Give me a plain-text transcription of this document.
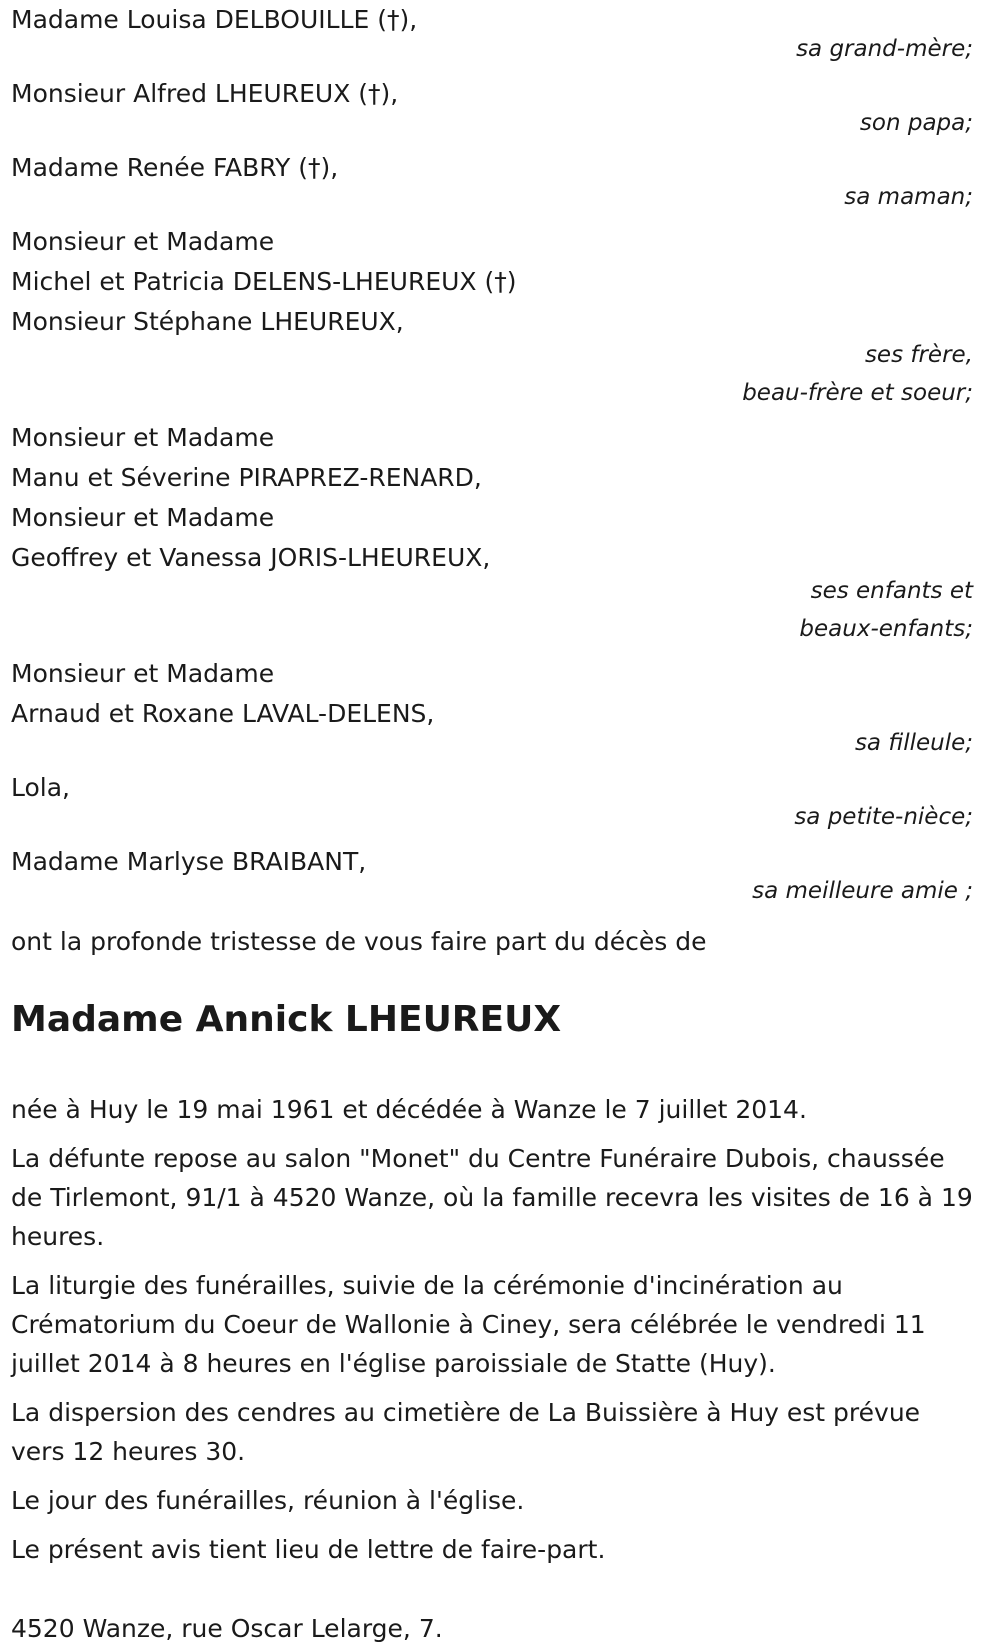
Madame Louisa DELBOUILLE (†),
sa grand-mère;
Monsieur Alfred LHEUREUX (†),
son papa;
Madame Renée FABRY (†),
sa maman;
Monsieur et Madame
Michel et Patricia DELENS-LHEUREUX (†)
Monsieur Stéphane LHEUREUX,
ses frère,
beau-frère et soeur;
Monsieur et Madame
Manu et Séverine PIRAPREZ-RENARD,
Monsieur et Madame
Geoffrey et Vanessa JORIS-LHEUREUX,
ses enfants et
beaux-enfants;
Monsieur et Madame
Arnaud et Roxane LAVAL-DELENS,
sa filleule;
Lola,
sa petite-nièce;
Madame Marlyse BRAIBANT,
sa meilleure amie ;
ont la profonde tristesse de vous faire part du décès de
Madame Annick LHEUREUX
née à Huy le 19 mai 1961 et décédée à Wanze le 7 juillet 2014.
La défunte repose au salon "Monet" du Centre Funéraire Dubois, chaussée de Tirlemont, 91/1 à 4520 Wanze, où la famille recevra les visites de 16 à 19 heures.
La liturgie des funérailles, suivie de la cérémonie d'incinération au Crématorium du Coeur de Wallonie à Ciney, sera célébrée le vendredi 11 juillet 2014 à 8 heures en l'église paroissiale de Statte (Huy).
La dispersion des cendres au cimetière de La Buissière à Huy est prévue vers 12 heures 30.
Le jour des funérailles, réunion à l'église.
Le présent avis tient lieu de lettre de faire-part.
4520 Wanze, rue Oscar Lelarge, 7.
